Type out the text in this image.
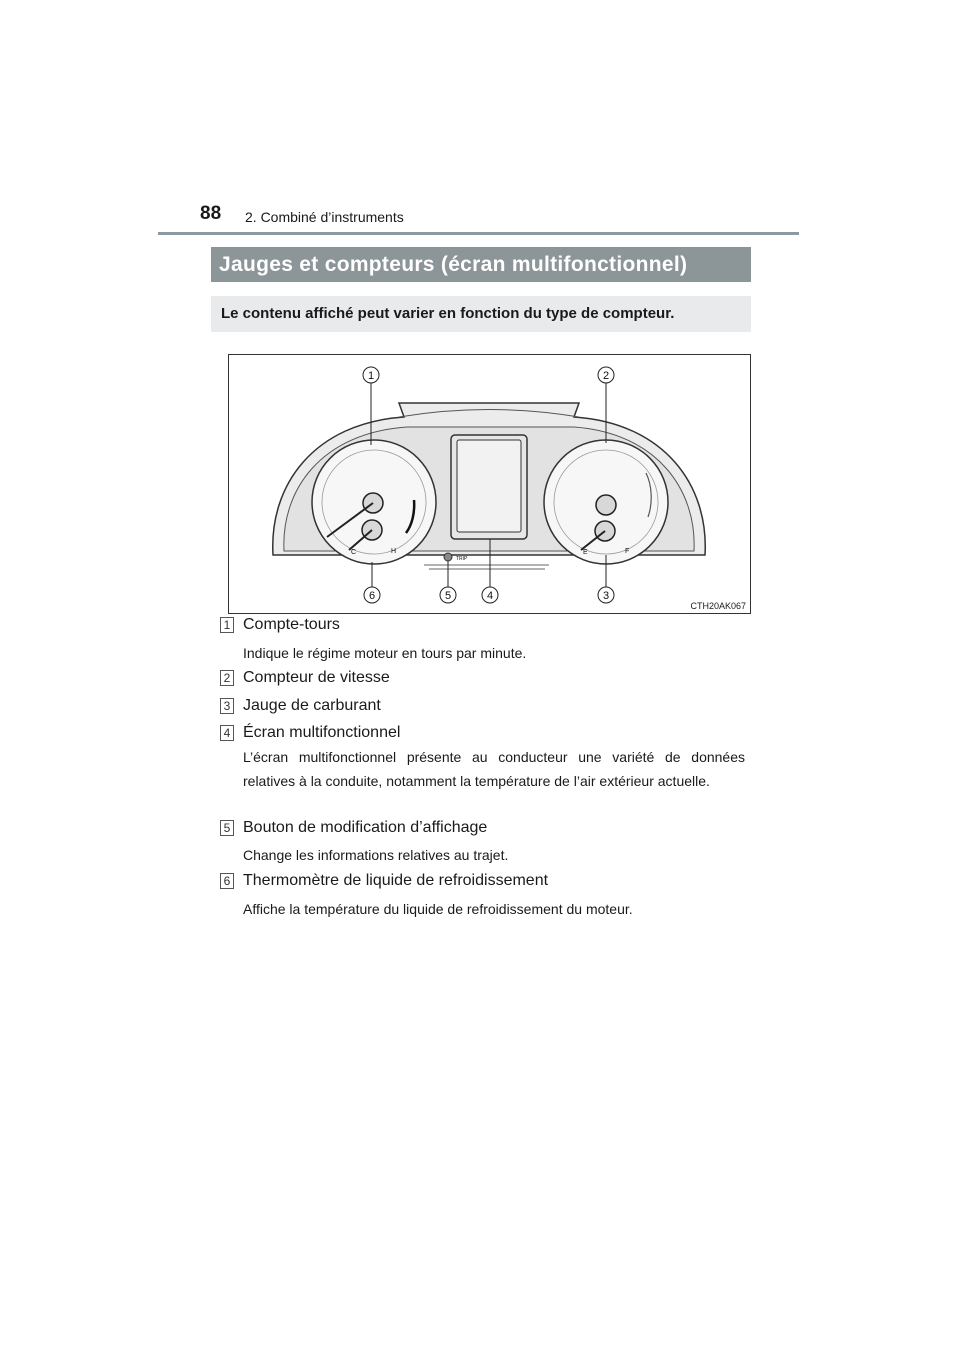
88 2. Combiné d’instruments
Jauges et compteurs (écran multifonctionnel)
Le contenu affiché peut varier en fonction du type de compteur.
C	H	E	F
TRIP
1	2
3
4
5
6
CTH20AK067
1 Compte-tours
Indique le régime moteur en tours par minute.
2 Compteur de vitesse
3 Jauge de carburant
4 Écran multifonctionnel
L’écran multifonctionnel présente au conducteur une variété de données relatives à la conduite, notamment la température de l’air extérieur actuelle.
5 Bouton de modification d’affichage
Change les informations relatives au trajet.
6 Thermomètre de liquide de refroidissement
Affiche la température du liquide de refroidissement du moteur.
